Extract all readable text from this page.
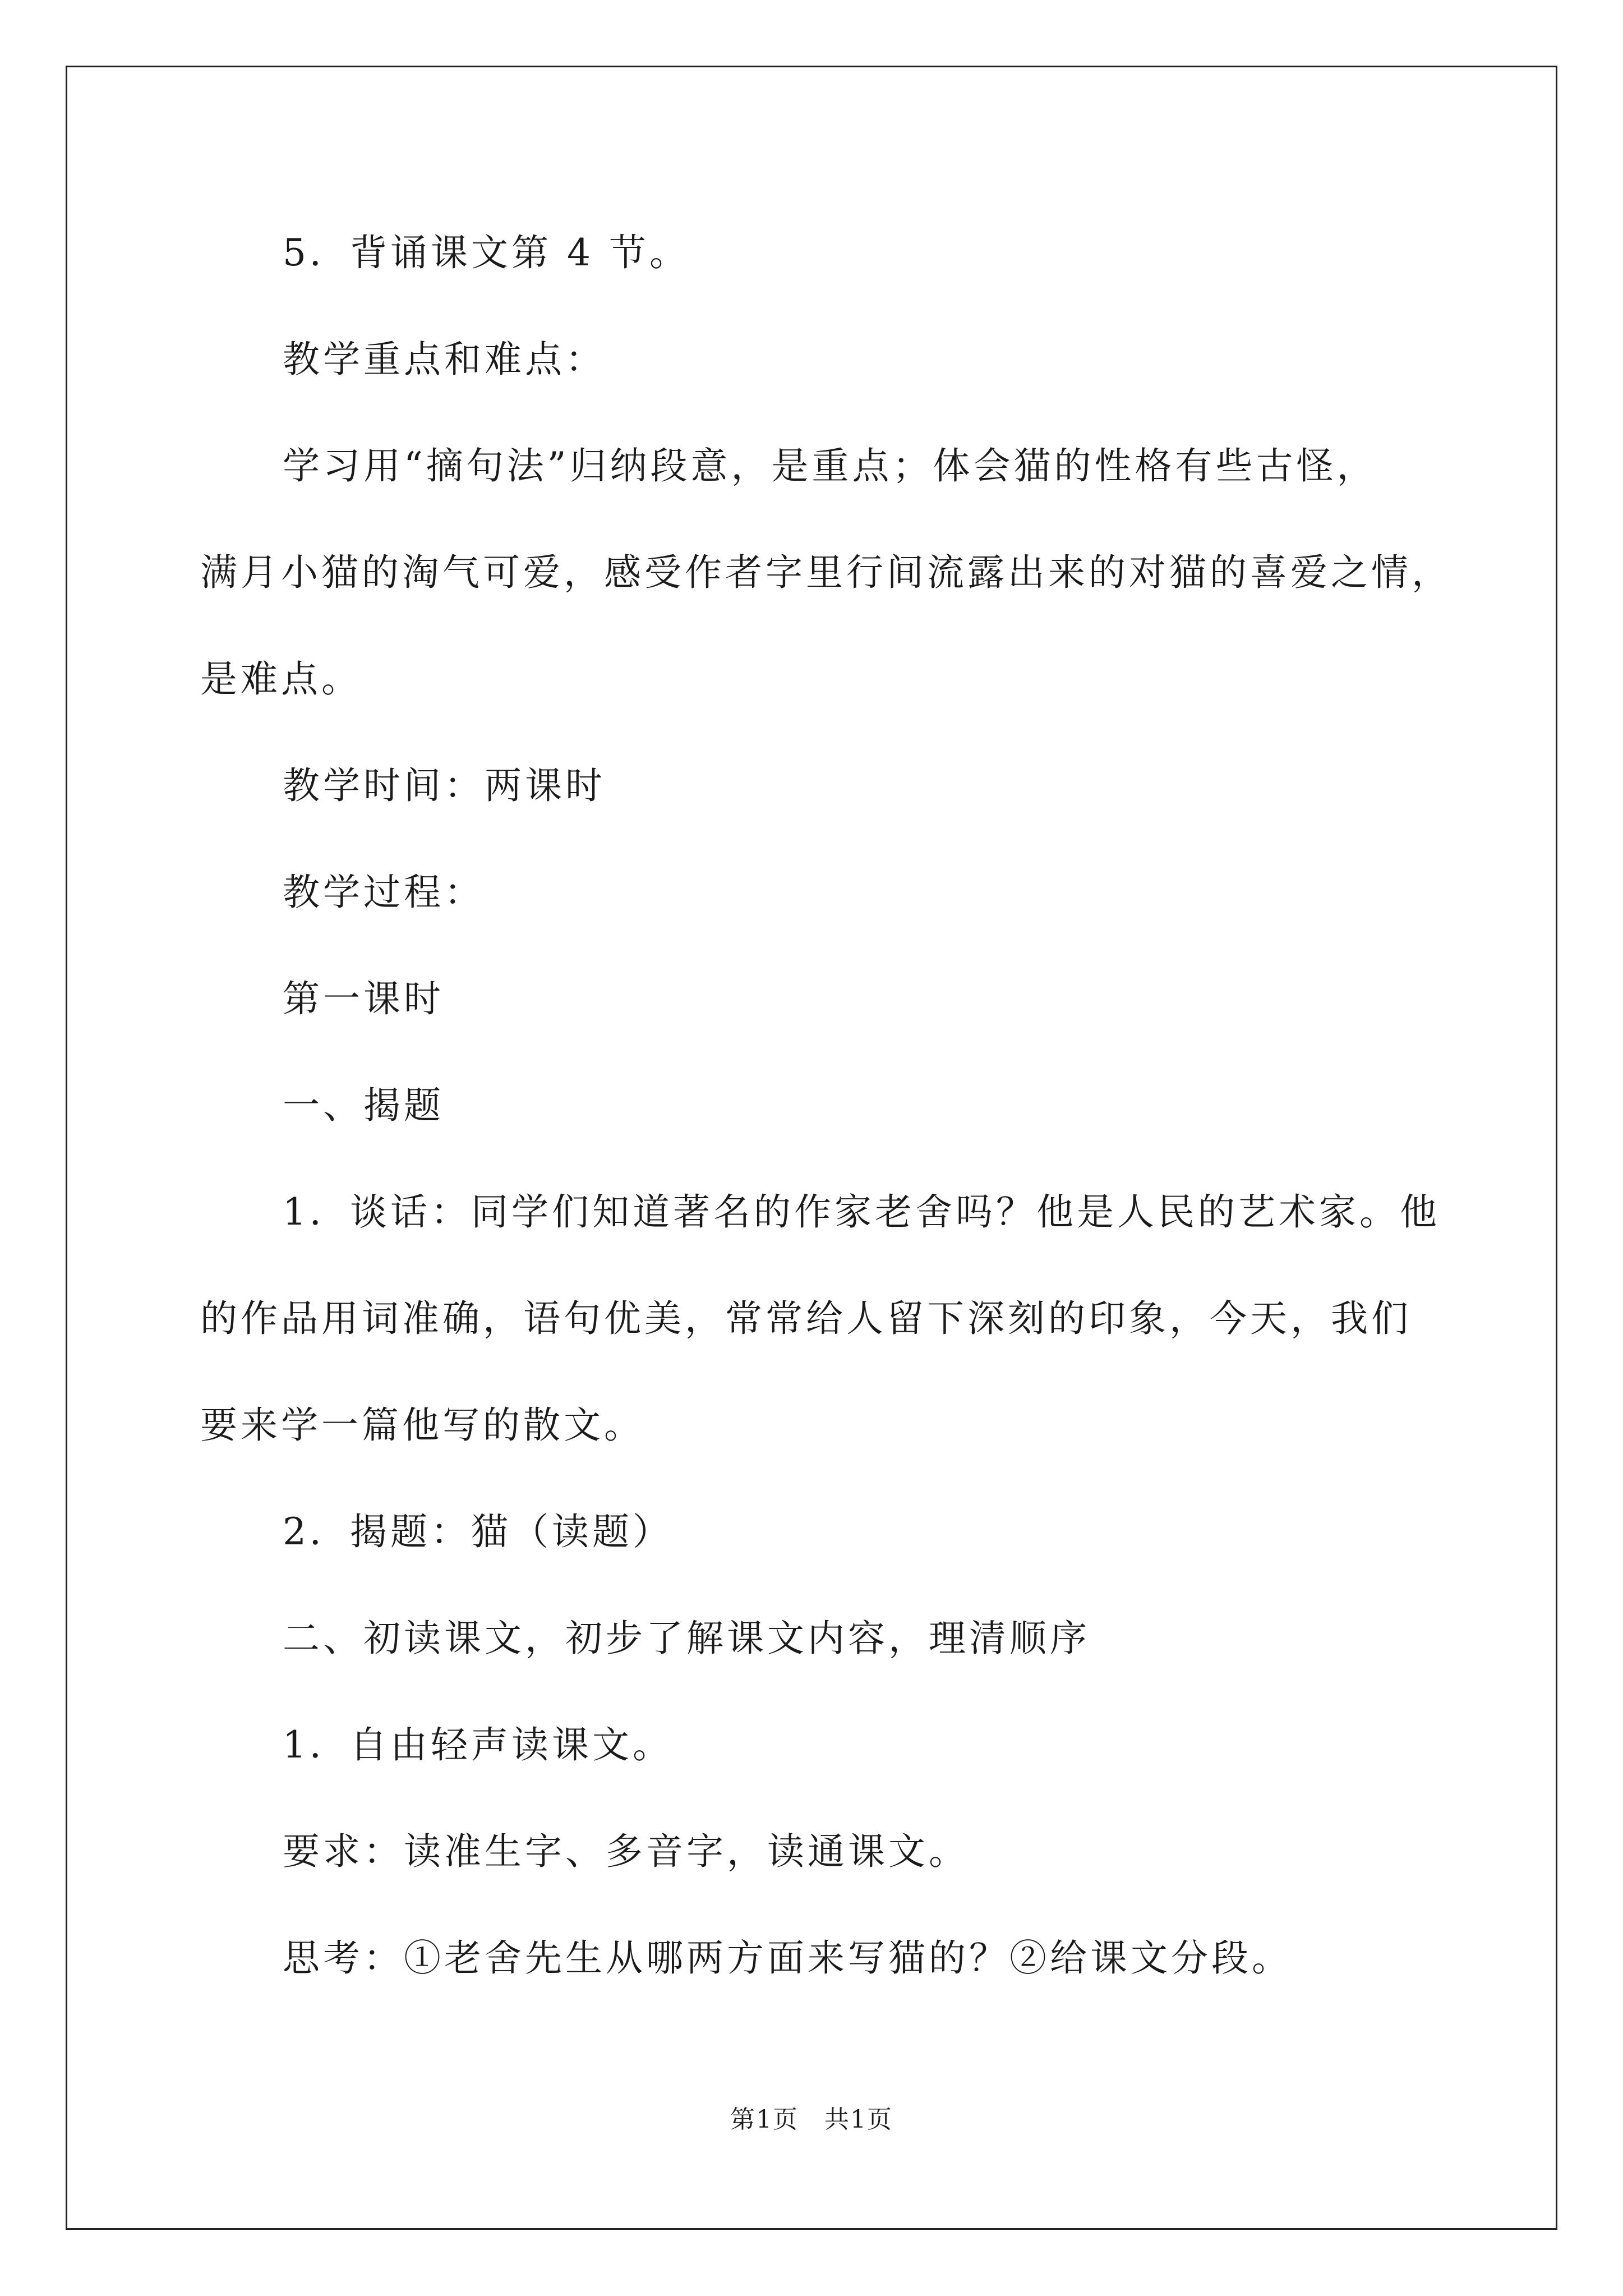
5．背诵课文第 4 节。
教学重点和难点：
学习用“摘句法”归纳段意，是重点；体会猫的性格有些古怪，
满月小猫的淘气可爱，感受作者字里行间流露出来的对猫的喜爱之情，
是难点。
教学时间：两课时
教学过程：
第一课时
一、揭题
1．谈话：同学们知道著名的作家老舍吗？他是人民的艺术家。他
的作品用词准确，语句优美，常常给人留下深刻的印象，今天，我们
要来学一篇他写的散文。
2．揭题：猫（读题）
二、初读课文，初步了解课文内容，理清顺序
1．自由轻声读课文。
要求：读准生字、多音字，读通课文。
思考：①老舍先生从哪两方面来写猫的？②给课文分段。
第1页　共1页
